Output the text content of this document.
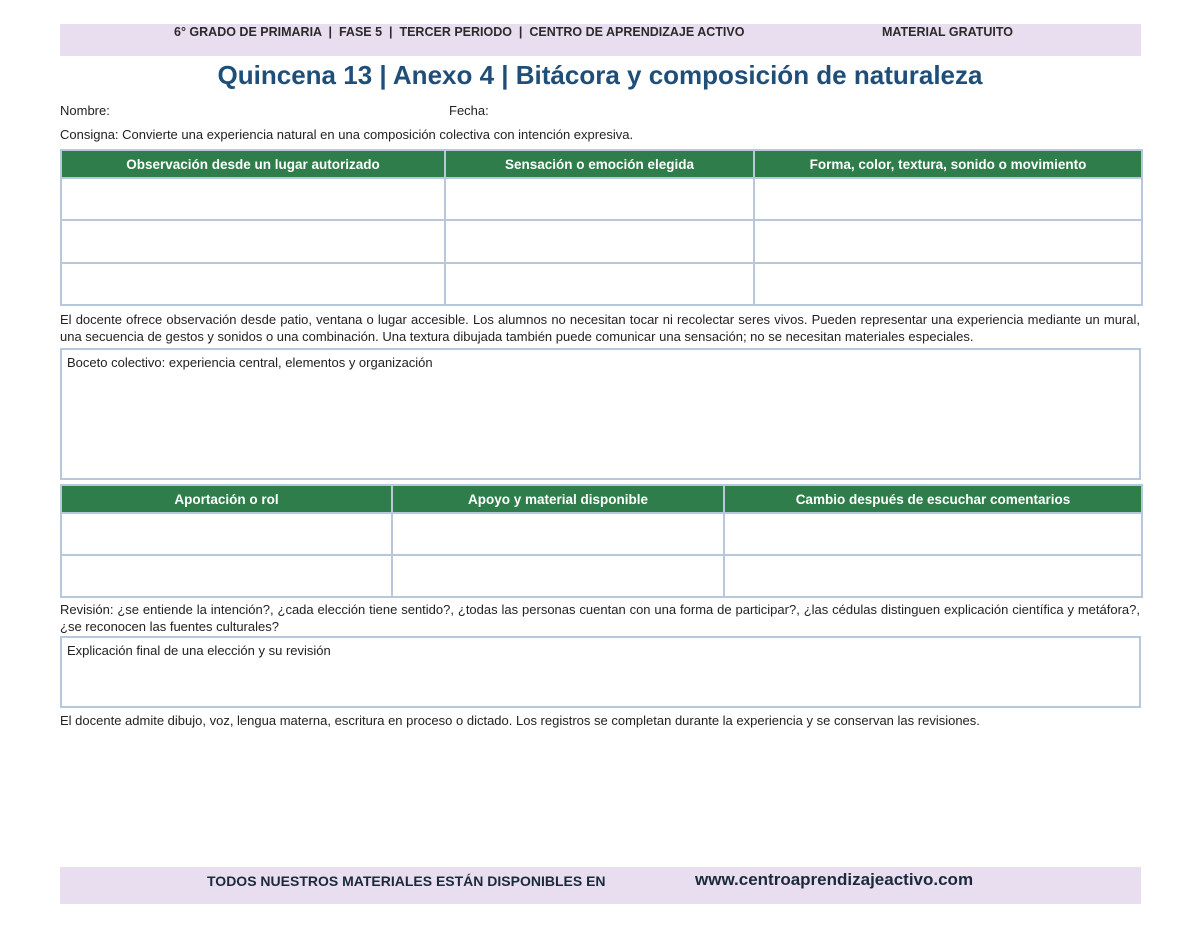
6° GRADO DE PRIMARIA  |  FASE 5  |  TERCER PERIODO  |  CENTRO DE APRENDIZAJE ACTIVO	MATERIAL GRATUITO
Quincena 13 | Anexo 4 | Bitácora y composición de naturaleza
Nombre:	Fecha:
Consigna: Convierte una experiencia natural en una composición colectiva con intención expresiva.
Observación desde un lugar autorizado	Sensación o emoción elegida	Forma, color, textura, sonido o movimiento

El docente ofrece observación desde patio, ventana o lugar accesible. Los alumnos no necesitan tocar ni recolectar seres vivos. Pueden representar una experiencia mediante un mural, una secuencia de gestos y sonidos o una combinación. Una textura dibujada también puede comunicar una sensación; no se necesitan materiales especiales.
Boceto colectivo: experiencia central, elementos y organización
Aportación o rol	Apoyo y material disponible	Cambio después de escuchar comentarios

Revisión: ¿se entiende la intención?, ¿cada elección tiene sentido?, ¿todas las personas cuentan con una forma de participar?, ¿las cédulas distinguen explicación científica y metáfora?, ¿se reconocen las fuentes culturales?
Explicación final de una elección y su revisión
El docente admite dibujo, voz, lengua materna, escritura en proceso o dictado. Los registros se completan durante la experiencia y se conservan las revisiones.
TODOS NUESTROS MATERIALES ESTÁN DISPONIBLES EN	www.centroaprendizajeactivo.com
